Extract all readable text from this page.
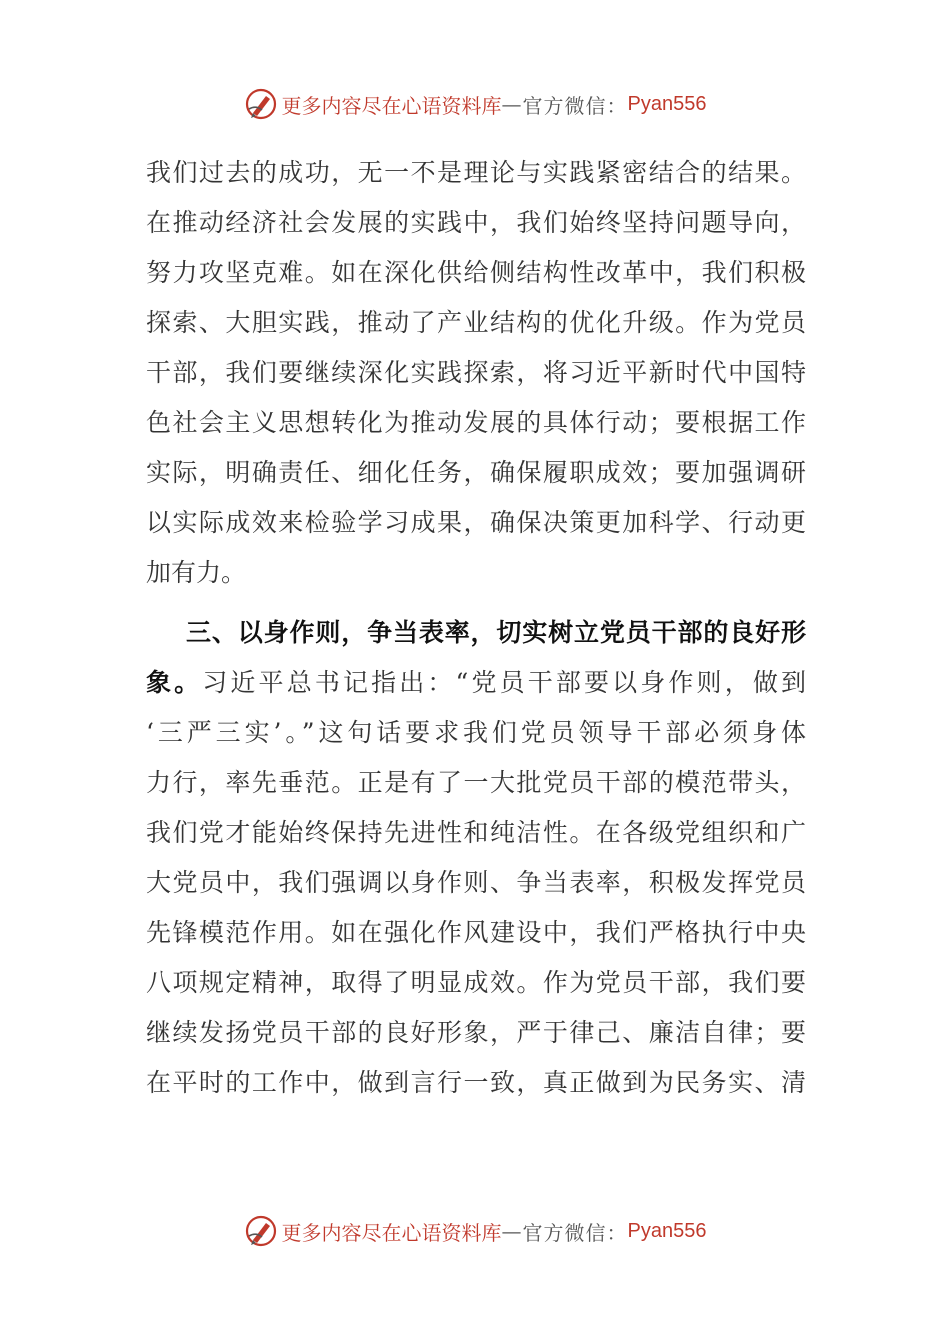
更多内容尽在心语资料库 — 官方微信： Pyan556
我们过去的成功，无一不是理论与实践紧密结合的结果。
在推动经济社会发展的实践中，我们始终坚持问题导向，
努力攻坚克难。如在深化供给侧结构性改革中，我们积极
探索、大胆实践，推动了产业结构的优化升级。作为党员
干部，我们要继续深化实践探索，将习近平新时代中国特
色社会主义思想转化为推动发展的具体行动；要根据工作
实际，明确责任、细化任务，确保履职成效；要加强调研
以实际成效来检验学习成果，确保决策更加科学、行动更
加有力。
三、以身作则，争当表率，切实树立党员干部的良好形
象。习近平总书记指出：“党员干部要以身作则，做到
‘三严三实’。”这句话要求我们党员领导干部必须身体
力行，率先垂范。正是有了一大批党员干部的模范带头，
我们党才能始终保持先进性和纯洁性。在各级党组织和广
大党员中，我们强调以身作则、争当表率，积极发挥党员
先锋模范作用。如在强化作风建设中，我们严格执行中央
八项规定精神，取得了明显成效。作为党员干部，我们要
继续发扬党员干部的良好形象，严于律己、廉洁自律；要
在平时的工作中，做到言行一致，真正做到为民务实、清
更多内容尽在心语资料库 — 官方微信： Pyan556
